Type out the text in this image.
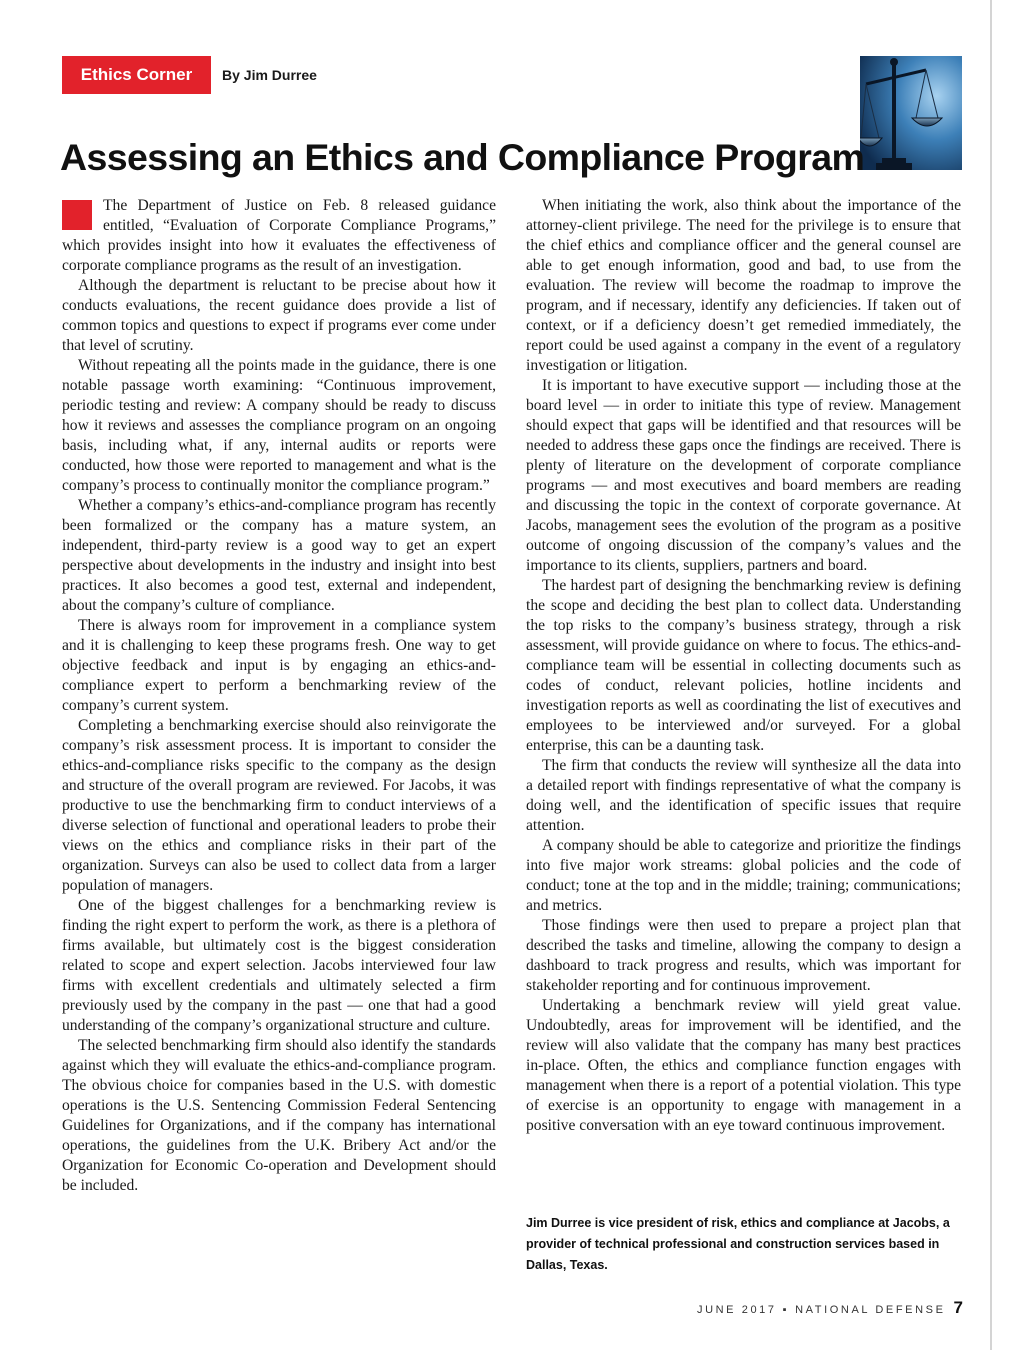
Ethics Corner	By Jim Durree
Assessing an Ethics and Compliance Program

The Department of Justice on Feb. 8 released guidance entitled, “Evaluation of Corporate Compliance Programs,” which provides insight into how it evaluates the effectiveness of corporate compliance programs as the result of an investigation.

Although the department is reluctant to be precise about how it conducts evaluations, the recent guidance does provide a list of common topics and questions to expect if programs ever come under that level of scrutiny.

Without repeating all the points made in the guidance, there is one notable passage worth examining: “Continuous improvement, periodic testing and review: A company should be ready to discuss how it reviews and assesses the compliance program on an ongoing basis, including what, if any, internal audits or reports were conducted, how those were reported to management and what is the company’s process to continually monitor the compliance program.”

Whether a company’s ethics-and-compliance program has recently been formalized or the company has a mature system, an independent, third-party review is a good way to get an expert perspective about developments in the industry and insight into best practices. It also becomes a good test, external and independent, about the company’s culture of compliance.

There is always room for improvement in a compliance system and it is challenging to keep these programs fresh. One way to get objective feedback and input is by engaging an ethics-and-compliance expert to perform a benchmarking review of the company’s current system.

Completing a benchmarking exercise should also reinvigorate the company’s risk assessment process. It is important to consider the ethics-and-compliance risks specific to the company as the design and structure of the overall program are reviewed. For Jacobs, it was productive to use the benchmarking firm to conduct interviews of a diverse selection of functional and operational leaders to probe their views on the ethics and compliance risks in their part of the organization. Surveys can also be used to collect data from a larger population of managers.

One of the biggest challenges for a benchmarking review is finding the right expert to perform the work, as there is a plethora of firms available, but ultimately cost is the biggest consideration related to scope and expert selection. Jacobs interviewed four law firms with excellent credentials and ultimately selected a firm previously used by the company in the past — one that had a good understanding of the company’s organizational structure and culture.

The selected benchmarking firm should also identify the standards against which they will evaluate the ethics-and-compliance program. The obvious choice for companies based in the U.S. with domestic operations is the U.S. Sentencing Commission Federal Sentencing Guidelines for Organizations, and if the company has international operations, the guidelines from the U.K. Bribery Act and/or the Organization for Economic Co-operation and Development should be included.

When initiating the work, also think about the importance of the attorney-client privilege. The need for the privilege is to ensure that the chief ethics and compliance officer and the general counsel are able to get enough information, good and bad, to use from the evaluation. The review will become the roadmap to improve the program, and if necessary, identify any deficiencies. If taken out of context, or if a deficiency doesn’t get remedied immediately, the report could be used against a company in the event of a regulatory investigation or litigation.

It is important to have executive support — including those at the board level — in order to initiate this type of review. Management should expect that gaps will be identified and that resources will be needed to address these gaps once the findings are received. There is plenty of literature on the development of corporate compliance programs — and most executives and board members are reading and discussing the topic in the context of corporate governance. At Jacobs, management sees the evolution of the program as a positive outcome of ongoing discussion of the company’s values and the importance to its clients, suppliers, partners and board.

The hardest part of designing the benchmarking review is defining the scope and deciding the best plan to collect data. Understanding the top risks to the company’s business strategy, through a risk assessment, will provide guidance on where to focus. The ethics-and-compliance team will be essential in collecting documents such as codes of conduct, relevant policies, hotline incidents and investigation reports as well as coordinating the list of executives and employees to be interviewed and/or surveyed. For a global enterprise, this can be a daunting task.

The firm that conducts the review will synthesize all the data into a detailed report with findings representative of what the company is doing well, and the identification of specific issues that require attention.

A company should be able to categorize and prioritize the findings into five major work streams: global policies and the code of conduct; tone at the top and in the middle; training; communications; and metrics.

Those findings were then used to prepare a project plan that described the tasks and timeline, allowing the company to design a dashboard to track progress and results, which was important for stakeholder reporting and for continuous improvement.

Undertaking a benchmark review will yield great value. Undoubtedly, areas for improvement will be identified, and the review will also validate that the company has many best practices in-place. Often, the ethics and compliance function engages with management when there is a report of a potential violation. This type of exercise is an opportunity to engage with management in a positive conversation with an eye toward continuous improvement.

Jim Durree is vice president of risk, ethics and compliance at Jacobs, a provider of technical professional and construction services based in Dallas, Texas.

JUNE 2017 ▪ NATIONAL DEFENSE 7
